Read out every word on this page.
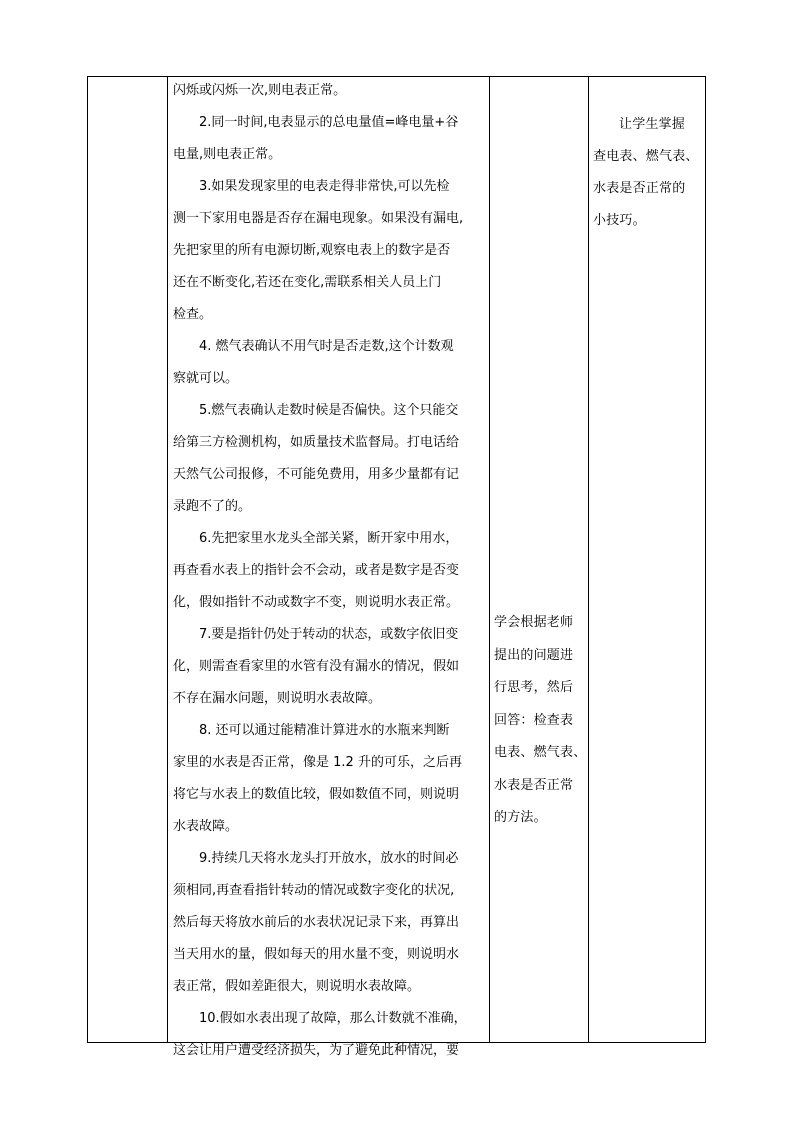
闪烁或闪烁一次,则电表正常。
2.同一时间,电表显示的总电量值=峰电量+谷
电量,则电表正常。
3.如果发现家里的电表走得非常快,可以先检
测一下家用电器是否存在漏电现象。如果没有漏电,
先把家里的所有电源切断,观察电表上的数字是否
还在不断变化,若还在变化,需联系相关人员上门
检查。
4. 燃气表确认不用气时是否走数,这个计数观
察就可以。
5.燃气表确认走数时候是否偏快。这个只能交
给第三方检测机构，如质量技术监督局。打电话给
天然气公司报修，不可能免费用，用多少量都有记
录跑不了的。
6.先把家里水龙头全部关紧，断开家中用水，
再查看水表上的指针会不会动，或者是数字是否变
化，假如指针不动或数字不变，则说明水表正常。
7.要是指针仍处于转动的状态，或数字依旧变
化，则需查看家里的水管有没有漏水的情况，假如
不存在漏水问题，则说明水表故障。
8. 还可以通过能精准计算进水的水瓶来判断
家里的水表是否正常，像是 1.2 升的可乐，之后再
将它与水表上的数值比较，假如数值不同，则说明
水表故障。
9.持续几天将水龙头打开放水，放水的时间必
须相同,再查看指针转动的情况或数字变化的状况,
然后每天将放水前后的水表状况记录下来，再算出
当天用水的量，假如每天的用水量不变，则说明水
表正常，假如差距很大，则说明水表故障。
10.假如水表出现了故障，那么计数就不准确，
这会让用户遭受经济损失，为了避免此种情况，要
学会根据老师
提出的问题进
行思考，然后
回答：检查表
电表、燃气表、
水表是否正常
的方法。
让学生掌握
查电表、燃气表、
水表是否正常的
小技巧。
